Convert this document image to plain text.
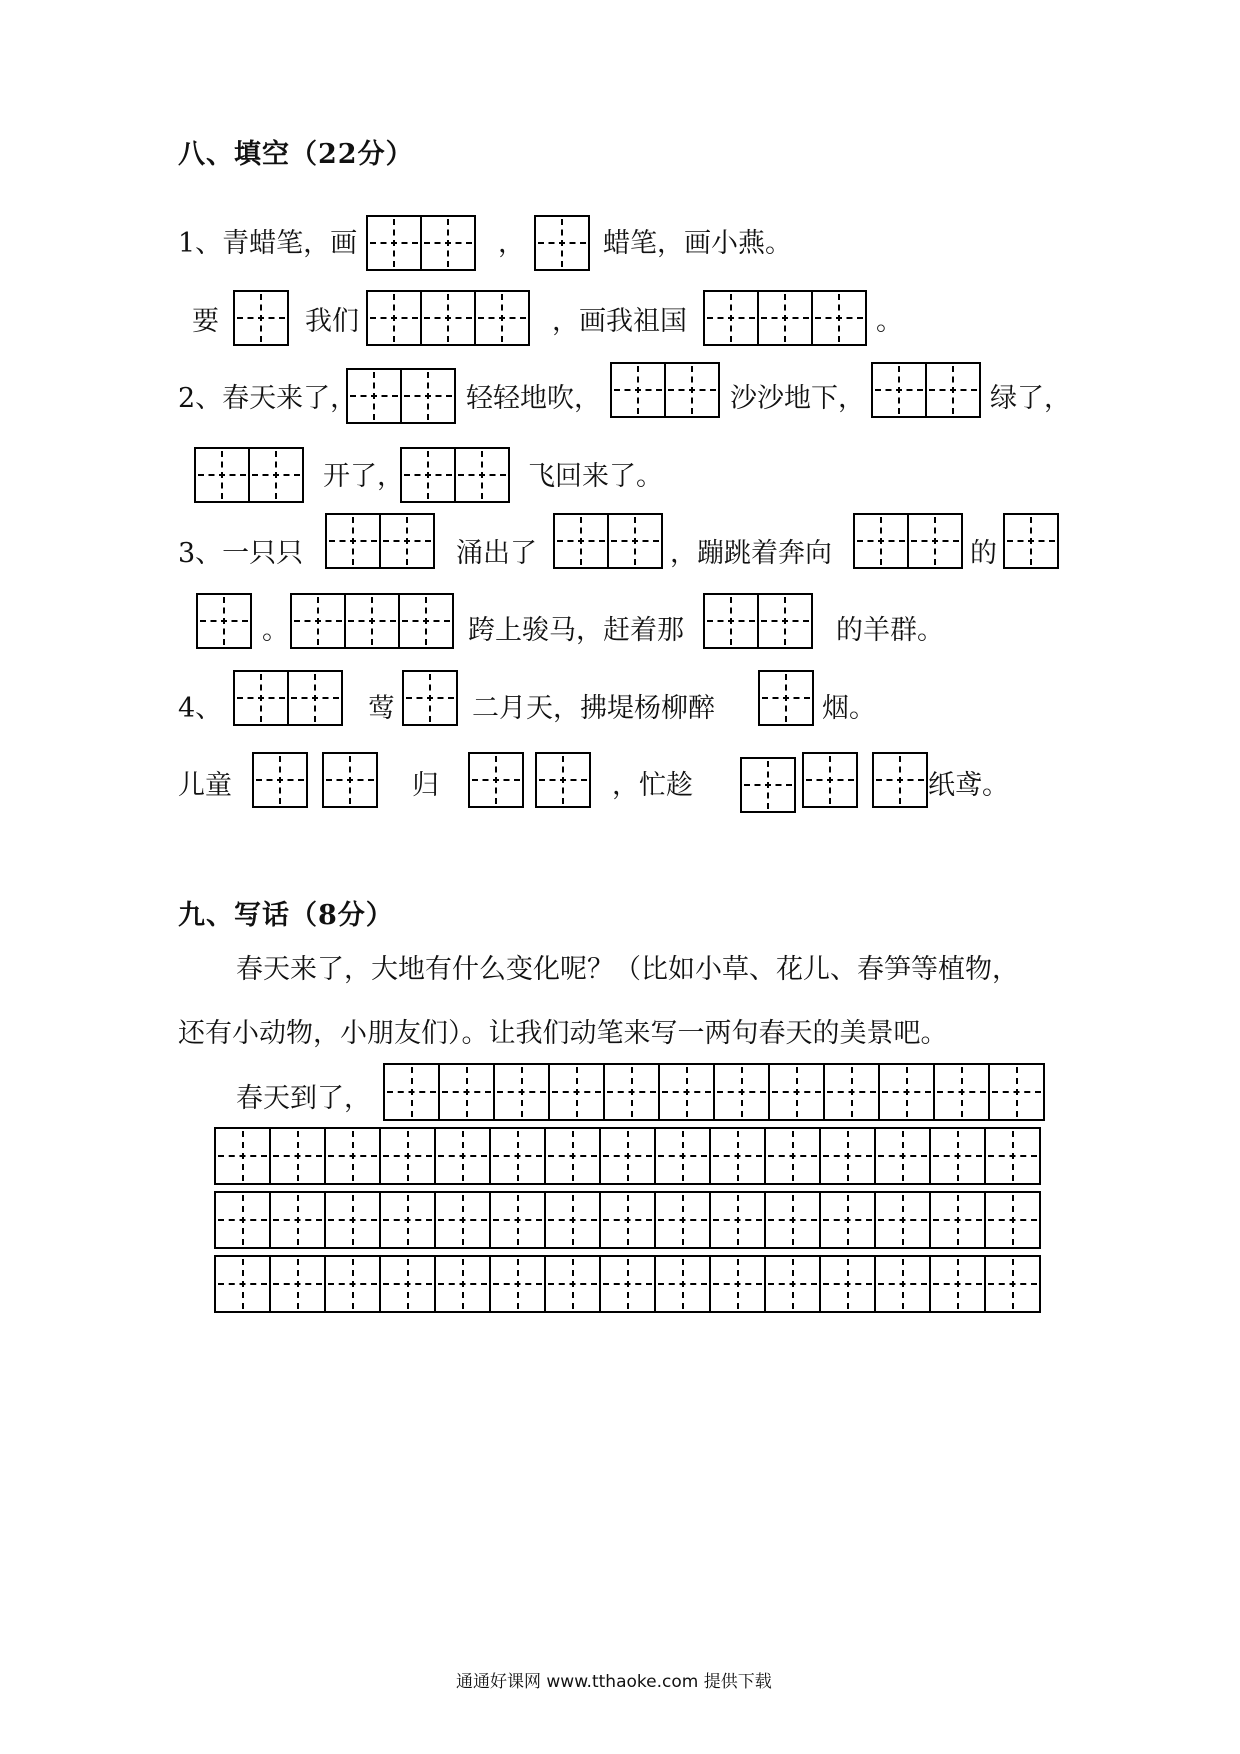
八、填空（22分）
1、青蜡笔，画	，	蜡笔，画小燕。
要	我们	，画我祖国	。
2、春天来了，	轻轻地吹，	沙沙地下，	绿了，
开了，	飞回来了。
3、一只只	涌出了	，蹦跳着奔向	的
。	跨上骏马，赶着那	的羊群。
4、	莺	二月天，拂堤杨柳醉	烟。
儿童	归	，忙趁	纸鸢。
九、写话（8分）
春天来了，大地有什么变化呢？（比如小草、花儿、春笋等植物，
还有小动物，小朋友们）。让我们动笔来写一两句春天的美景吧。
春天到了，
通通好课网 www.tthaoke.com 提供下载
